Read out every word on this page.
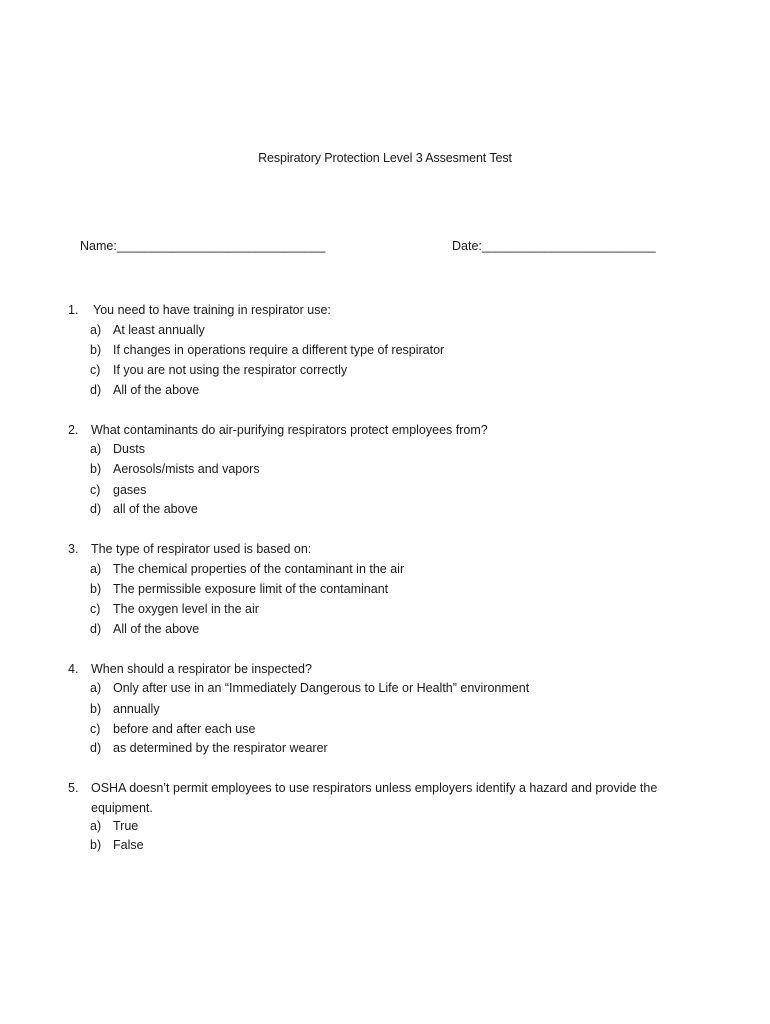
Respiratory Protection Level 3 Assesment Test
Name:______________________________	Date:_________________________
1. You need to have training in respirator use:
a) At least annually
b) If changes in operations require a different type of respirator
c) If you are not using the respirator correctly
d) All of the above
2. What contaminants do air-purifying respirators protect employees from?
a) Dusts
b) Aerosols/mists and vapors
c) gases
d) all of the above
3. The type of respirator used is based on:
a) The chemical properties of the contaminant in the air
b) The permissible exposure limit of the contaminant
c) The oxygen level in the air
d) All of the above
4. When should a respirator be inspected?
a) Only after use in an “Immediately Dangerous to Life or Health” environment
b) annually
c) before and after each use
d) as determined by the respirator wearer
5. OSHA doesn’t permit employees to use respirators unless employers identify a hazard and provide the equipment.
a) True
b) False
